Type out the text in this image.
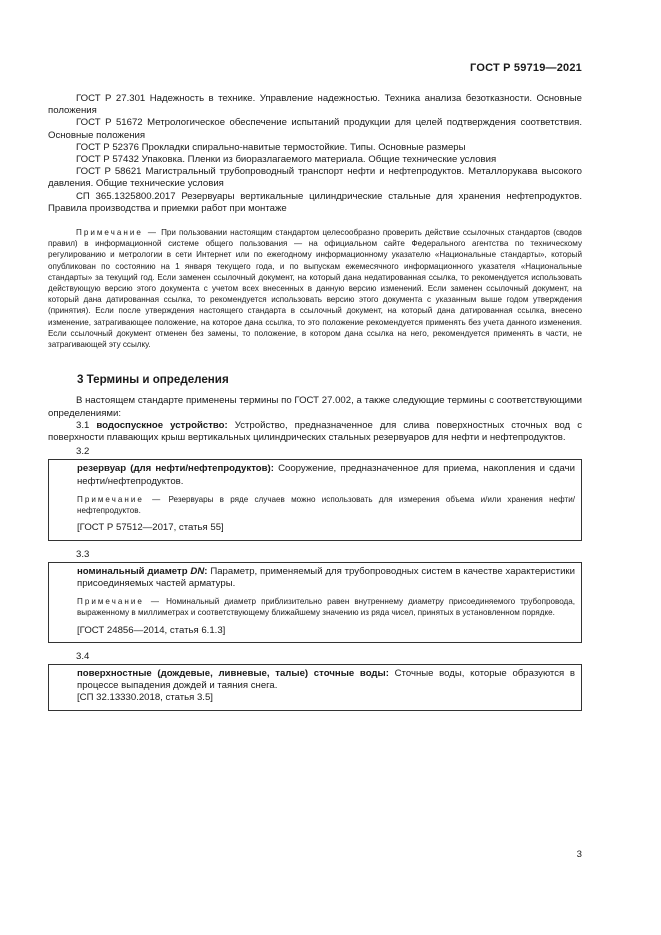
ГОСТ Р 59719—2021

ГОСТ Р 27.301 Надежность в технике. Управление надежностью. Техника анализа безотказности. Основные положения

ГОСТ Р 51672 Метрологическое обеспечение испытаний продукции для целей подтверждения соответствия. Основные положения

ГОСТ Р 52376 Прокладки спирально-навитые термостойкие. Типы. Основные размеры

ГОСТ Р 57432 Упаковка. Пленки из биоразлагаемого материала. Общие технические условия

ГОСТ Р 58621 Магистральный трубопроводный транспорт нефти и нефтепродуктов. Металлорукава высокого давления. Общие технические условия

СП 365.1325800.2017 Резервуары вертикальные цилиндрические стальные для хранения нефтепродуктов. Правила производства и приемки работ при монтаже

Примечание — При пользовании настоящим стандартом целесообразно проверить действие ссылочных стандартов (сводов правил) в информационной системе общего пользования — на официальном сайте Федерального агентства по техническому регулированию и метрологии в сети Интернет или по ежегодному информационному указателю «Национальные стандарты», который опубликован по состоянию на 1 января текущего года, и по выпускам ежемесячного информационного указателя «Национальные стандарты» за текущий год. Если заменен ссылочный документ, на который дана недатированная ссылка, то рекомендуется использовать действующую версию этого документа с учетом всех внесенных в данную версию изменений. Если заменен ссылочный документ, на который дана датированная ссылка, то рекомендуется использовать версию этого документа с указанным выше годом утверждения (принятия). Если после утверждения настоящего стандарта в ссылочный документ, на который дана датированная ссылка, внесено изменение, затрагивающее положение, на которое дана ссылка, то это положение рекомендуется применять без учета данного изменения. Если ссылочный документ отменен без замены, то положение, в котором дана ссылка на него, рекомендуется применять в части, не затрагивающей эту ссылку.

3 Термины и определения

В настоящем стандарте применены термины по ГОСТ 27.002, а также следующие термины с соответствующими определениями:

3.1 водоспускное устройство: Устройство, предназначенное для слива поверхностных сточных вод с поверхности плавающих крыш вертикальных цилиндрических стальных резервуаров для нефти и нефтепродуктов.

3.2

резервуар (для нефти/нефтепродуктов): Сооружение, предназначенное для приема, накопления и сдачи нефти/нефтепродуктов.

Примечание — Резервуары в ряде случаев можно использовать для измерения объема и/или хранения нефти/нефтепродуктов.

[ГОСТ Р 57512—2017, статья 55]

3.3

номинальный диаметр DN: Параметр, применяемый для трубопроводных систем в качестве характеристики присоединяемых частей арматуры.

Примечание — Номинальный диаметр приблизительно равен внутреннему диаметру присоединяемого трубопровода, выраженному в миллиметрах и соответствующему ближайшему значению из ряда чисел, принятых в установленном порядке.

[ГОСТ 24856—2014, статья 6.1.3]

3.4

поверхностные (дождевые, ливневые, талые) сточные воды: Сточные воды, которые образуются в процессе выпадения дождей и таяния снега.

[СП 32.13330.2018, статья 3.5]

3
